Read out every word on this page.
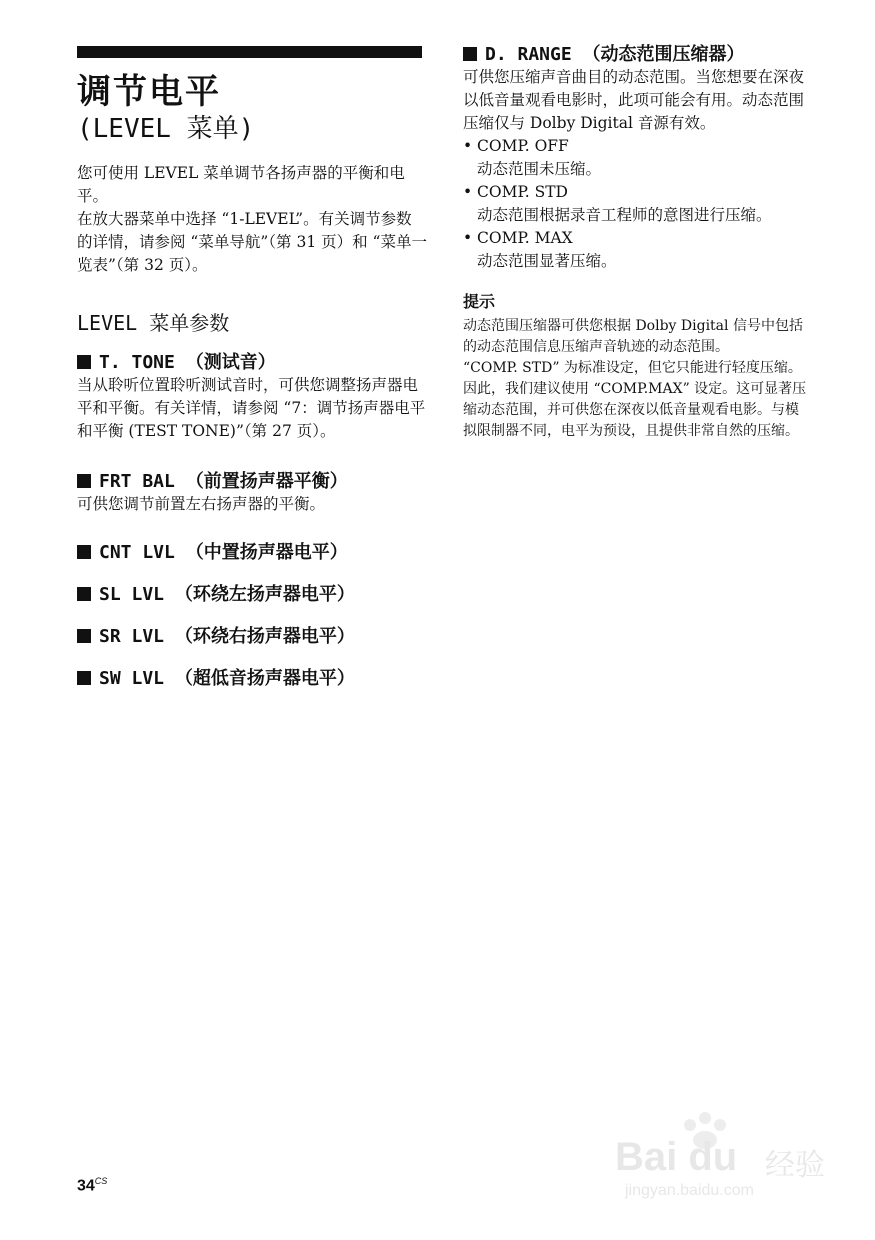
调节电平
(LEVEL 菜单)

您可使用 LEVEL 菜单调节各扬声器的平衡和电平。

在放大器菜单中选择 “1-LEVEL”。有关调节参数的详情，请参阅 “菜单导航”（第 31 页）和 “菜单一览表”（第 32 页）。

LEVEL 菜单参数

T. TONE （测试音）

当从聆听位置聆听测试音时，可供您调整扬声器电平和平衡。有关详情，请参阅 “7：调节扬声器电平和平衡 (TEST TONE)”（第 27 页）。

FRT BAL （前置扬声器平衡）

可供您调节前置左右扬声器的平衡。

CNT LVL （中置扬声器电平）

SL LVL （环绕左扬声器电平）

SR LVL （环绕右扬声器电平）

SW LVL （超低音扬声器电平）

D. RANGE （动态范围压缩器）

可供您压缩声音曲目的动态范围。当您想要在深夜以低音量观看电影时，此项可能会有用。动态范围压缩仅与 Dolby Digital 音源有效。

• COMP. OFF
动态范围未压缩。
• COMP. STD
动态范围根据录音工程师的意图进行压缩。
• COMP. MAX
动态范围显著压缩。
提示

动态范围压缩器可供您根据 Dolby Digital 信号中包括的动态范围信息压缩声音轨迹的动态范围。

“COMP. STD” 为标准设定，但它只能进行轻度压缩。因此，我们建议使用 “COMP.MAX” 设定。这可显著压缩动态范围，并可供您在深夜以低音量观看电影。与模拟限制器不同，电平为预设，且提供非常自然的压缩。

$34^{CS}$
Bai du 经验
jingyan.baidu.com
